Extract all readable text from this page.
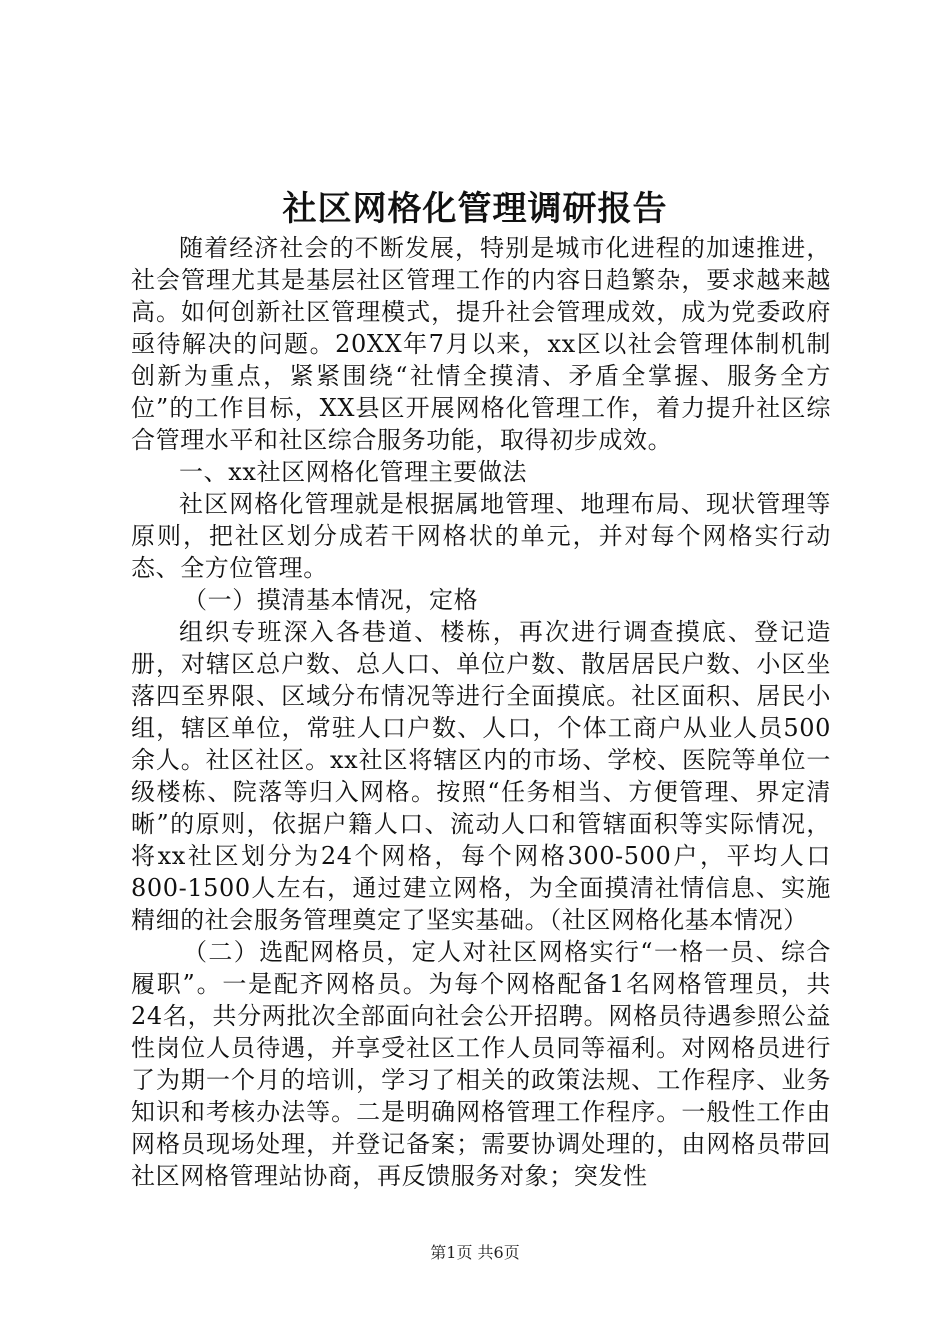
社区网格化管理调研报告

随着经济社会的不断发展，特别是城市化进程的加速推进，社会管理尤其是基层社区管理工作的内容日趋繁杂，要求越来越高。如何创新社区管理模式，提升社会管理成效，成为党委政府亟待解决的问题。20XX年7月以来，xx区以社会管理体制机制创新为重点，紧紧围绕“社情全摸清、矛盾全掌握、服务全方位”的工作目标，XX县区开展网格化管理工作，着力提升社区综合管理水平和社区综合服务功能，取得初步成效。

一、xx社区网格化管理主要做法

社区网格化管理就是根据属地管理、地理布局、现状管理等原则，把社区划分成若干网格状的单元，并对每个网格实行动态、全方位管理。

（一）摸清基本情况，定格

组织专班深入各巷道、楼栋，再次进行调查摸底、登记造册，对辖区总户数、总人口、单位户数、散居居民户数、小区坐落四至界限、区域分布情况等进行全面摸底。社区面积、居民小组，辖区单位，常驻人口户数、人口，个体工商户从业人员500余人。社区社区。xx社区将辖区内的市场、学校、医院等单位一级楼栋、院落等归入网格。按照“任务相当、方便管理、界定清晰”的原则，依据户籍人口、流动人口和管辖面积等实际情况，将xx社区划分为24个网格，每个网格300-500户，平均人口800-1500人左右，通过建立网格，为全面摸清社情信息、实施精细的社会服务管理奠定了坚实基础。（社区网格化基本情况）

（二）选配网格员，定人对社区网格实行“一格一员、综合履职”。一是配齐网格员。为每个网格配备1名网格管理员，共24名，共分两批次全部面向社会公开招聘。网格员待遇参照公益性岗位人员待遇，并享受社区工作人员同等福利。对网格员进行了为期一个月的培训，学习了相关的政策法规、工作程序、业务知识和考核办法等。二是明确网格管理工作程序。一般性工作由网格员现场处理，并登记备案；需要协调处理的，由网格员带回社区网格管理站协商，再反馈服务对象；突发性

第1页 共6页
